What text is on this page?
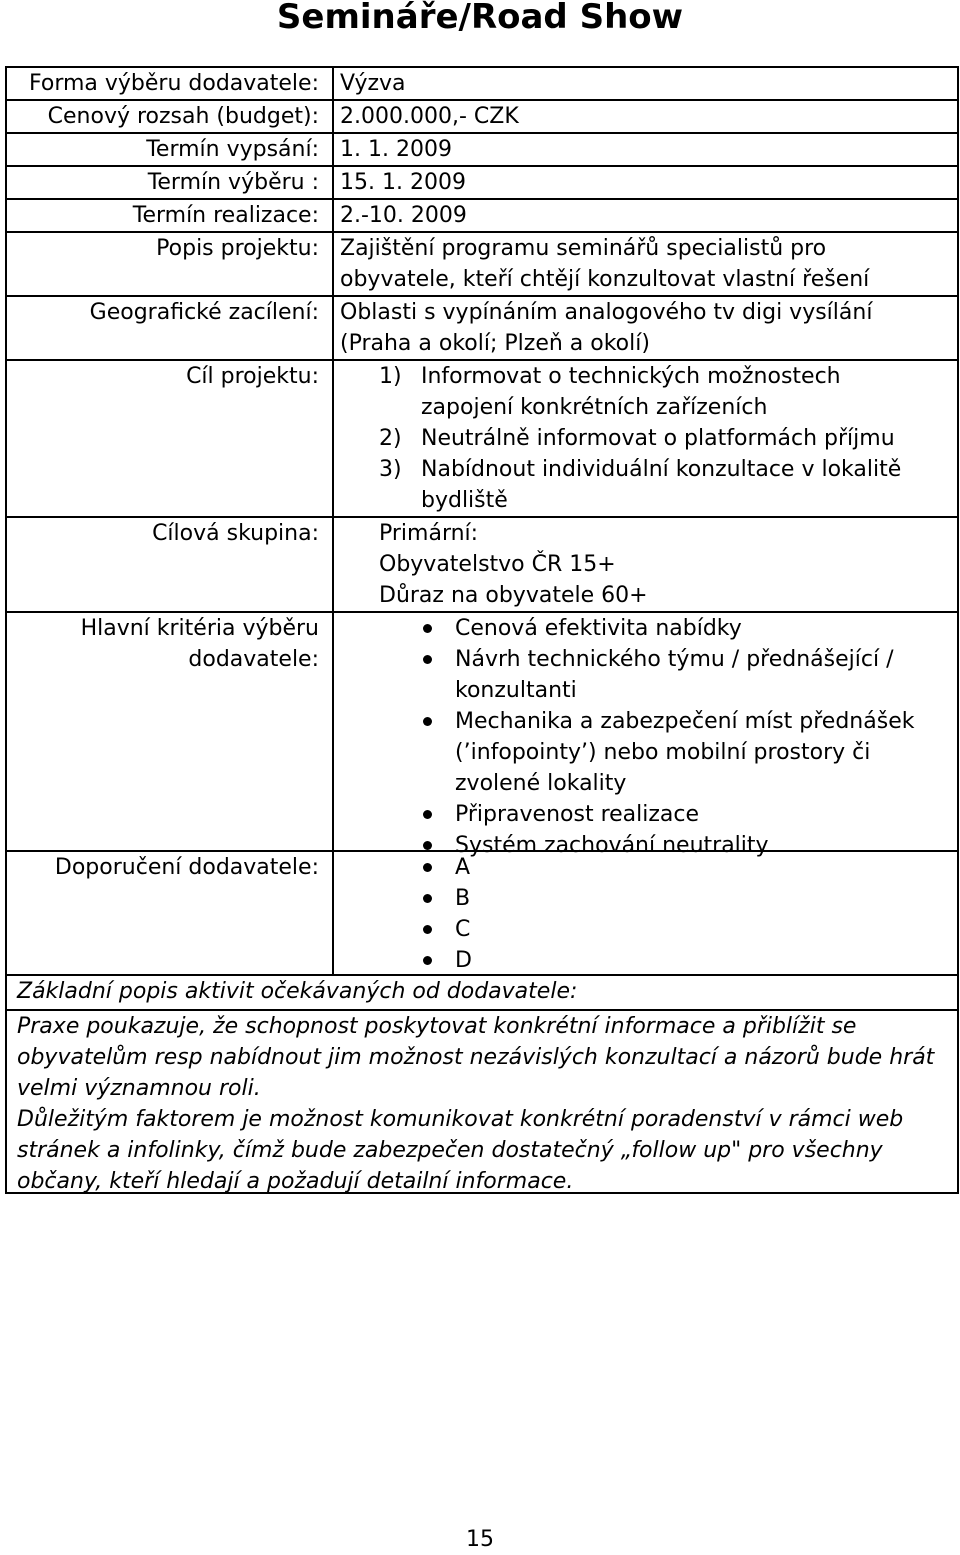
Semináře/Road Show
Forma výběru dodavatele: Výzva
Cenový rozsah (budget): 2.000.000,- CZK
Termín vypsání: 1. 1. 2009
Termín výběru : 15. 1. 2009
Termín realizace: 2.-10. 2009
Popis projektu: Zajištění programu seminářů specialistů pro
obyvatele, kteří chtějí konzultovat vlastní řešení
Geografické zacílení: Oblasti s vypínáním analogového tv digi vysílání
(Praha a okolí; Plzeň a okolí)
Cíl projektu:	1) Informovat o technických možnostech zapojení konkrétních zařízeních
2) Neutrálně informovat o platformách příjmu
3) Nabídnout individuální konzultace v lokalitě bydliště
Cílová skupina:	Primární:
Obyvatelstvo ČR 15+
Důraz na obyvatele 60+
Hlavní kritéria výběru
dodavatele:
Cenová efektivita nabídky
Návrh technického týmu / přednášející / konzultanti
Mechanika a zabezpečení míst přednášek (’infopointy’) nebo mobilní prostory či zvolené lokality
Připravenost realizace
Systém zachování neutrality
Doporučení dodavatele:	A
B
C
D
Základní popis aktivit očekávaných od dodavatele:
Praxe poukazuje, že schopnost poskytovat konkrétní informace a přiblížit se obyvatelům resp nabídnout jim možnost nezávislých konzultací a názorů bude hrát velmi významnou roli.
Důležitým faktorem je možnost komunikovat konkrétní poradenství v rámci web stránek a infolinky, čímž bude zabezpečen dostatečný „follow up" pro všechny občany, kteří hledají a požadují detailní informace.
15
